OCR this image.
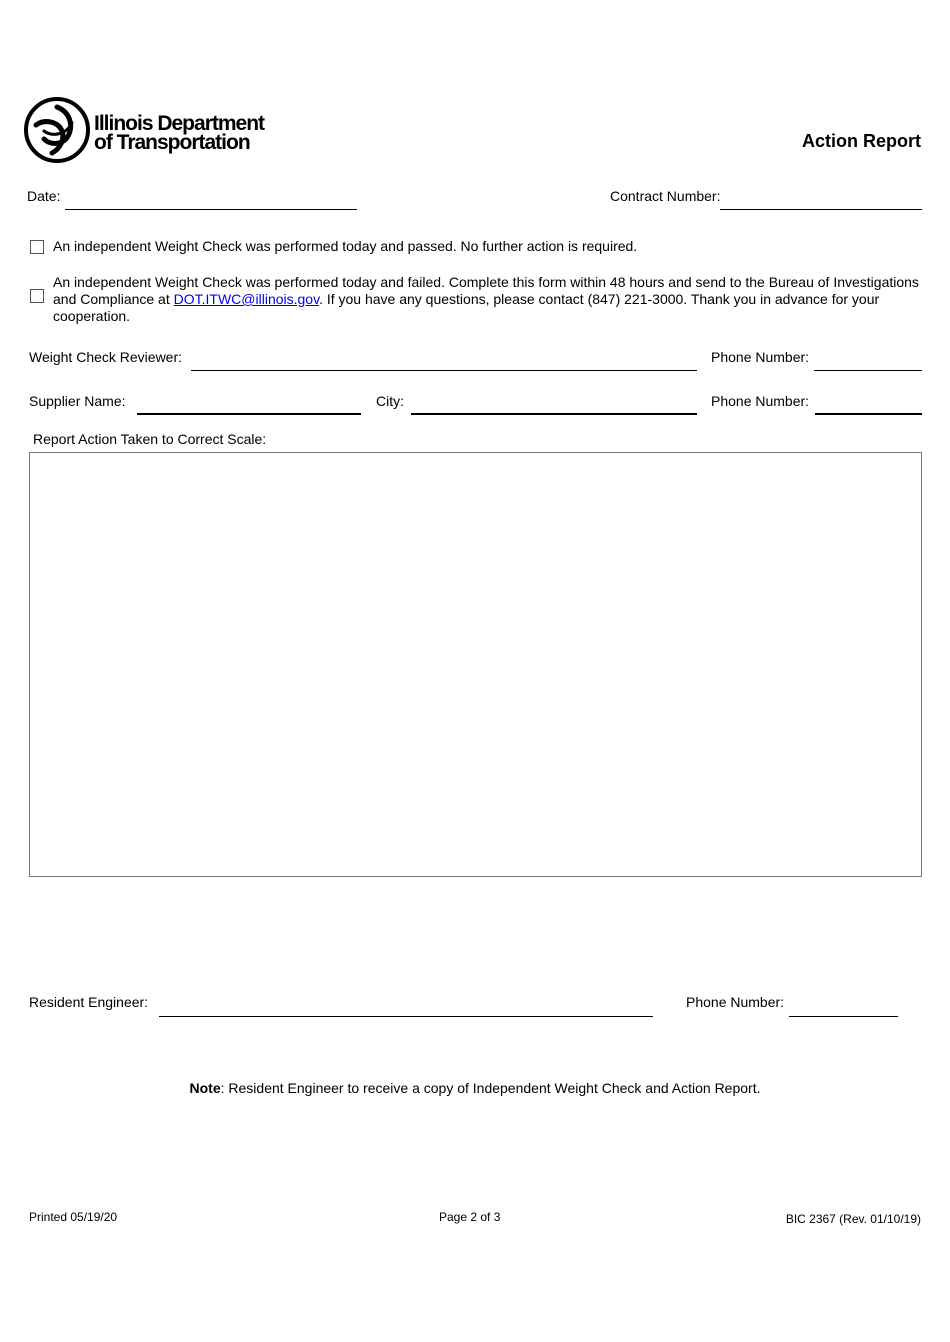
Illinois Department
of Transportation	Action Report
Date:	Contract Number:
An independent Weight Check was performed today and passed. No further action is required.
An independent Weight Check was performed today and failed. Complete this form within 48 hours and send to the Bureau of Investigations and Compliance at DOT.ITWC@illinois.gov. If you have any questions, please contact (847) 221-3000. Thank you in advance for your cooperation.
Weight Check Reviewer:	Phone Number:
Supplier Name:	City:	Phone Number:
Report Action Taken to Correct Scale:
Resident Engineer:	Phone Number:
Note: Resident Engineer to receive a copy of Independent Weight Check and Action Report.
Printed 05/19/20	Page 2 of 3	BIC 2367 (Rev. 01/10/19)
